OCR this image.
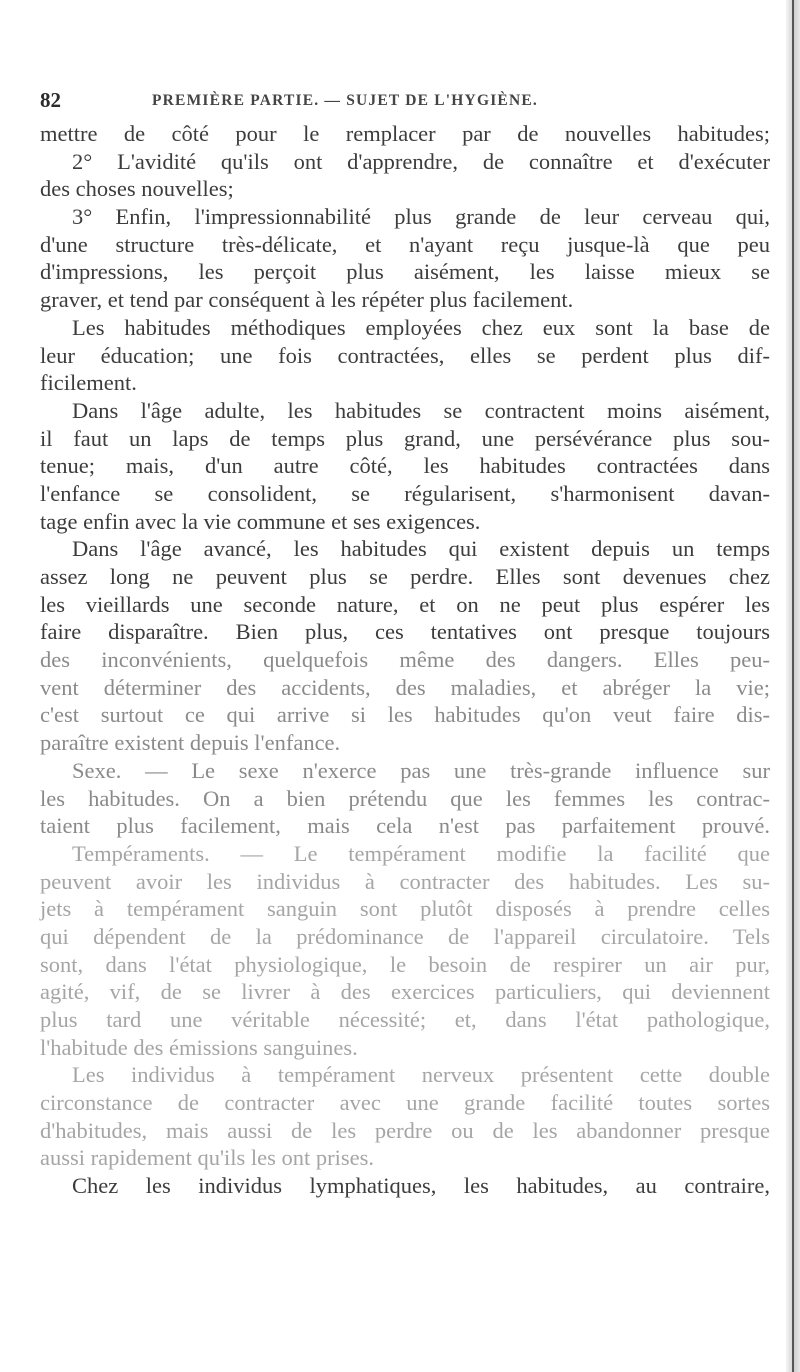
82	PREMIÈRE PARTIE. — SUJET DE L'HYGIÈNE.
mettre de côté pour le remplacer par de nouvelles habitudes;
2° L'avidité qu'ils ont d'apprendre, de connaître et d'exécuter
des choses nouvelles;
3° Enfin, l'impressionnabilité plus grande de leur cerveau qui,
d'une structure très-délicate, et n'ayant reçu jusque-là que peu
d'impressions, les perçoit plus aisément, les laisse mieux se
graver, et tend par conséquent à les répéter plus facilement.
Les habitudes méthodiques employées chez eux sont la base de
leur éducation; une fois contractées, elles se perdent plus dif-
ficilement.
Dans l'âge adulte, les habitudes se contractent moins aisément,
il faut un laps de temps plus grand, une persévérance plus sou-
tenue; mais, d'un autre côté, les habitudes contractées dans
l'enfance se consolident, se régularisent, s'harmonisent davan-
tage enfin avec la vie commune et ses exigences.
Dans l'âge avancé, les habitudes qui existent depuis un temps
assez long ne peuvent plus se perdre. Elles sont devenues chez
les vieillards une seconde nature, et on ne peut plus espérer les
faire disparaître. Bien plus, ces tentatives ont presque toujours
des inconvénients, quelquefois même des dangers. Elles peu-
vent déterminer des accidents, des maladies, et abréger la vie;
c'est surtout ce qui arrive si les habitudes qu'on veut faire dis-
paraître existent depuis l'enfance.
Sexe. — Le sexe n'exerce pas une très-grande influence sur
les habitudes. On a bien prétendu que les femmes les contrac-
taient plus facilement, mais cela n'est pas parfaitement prouvé.
Tempéraments. — Le tempérament modifie la facilité que
peuvent avoir les individus à contracter des habitudes. Les su-
jets à tempérament sanguin sont plutôt disposés à prendre celles
qui dépendent de la prédominance de l'appareil circulatoire. Tels
sont, dans l'état physiologique, le besoin de respirer un air pur,
agité, vif, de se livrer à des exercices particuliers, qui deviennent
plus tard une véritable nécessité; et, dans l'état pathologique,
l'habitude des émissions sanguines.
Les individus à tempérament nerveux présentent cette double
circonstance de contracter avec une grande facilité toutes sortes
d'habitudes, mais aussi de les perdre ou de les abandonner presque
aussi rapidement qu'ils les ont prises.
Chez les individus lymphatiques, les habitudes, au contraire,
